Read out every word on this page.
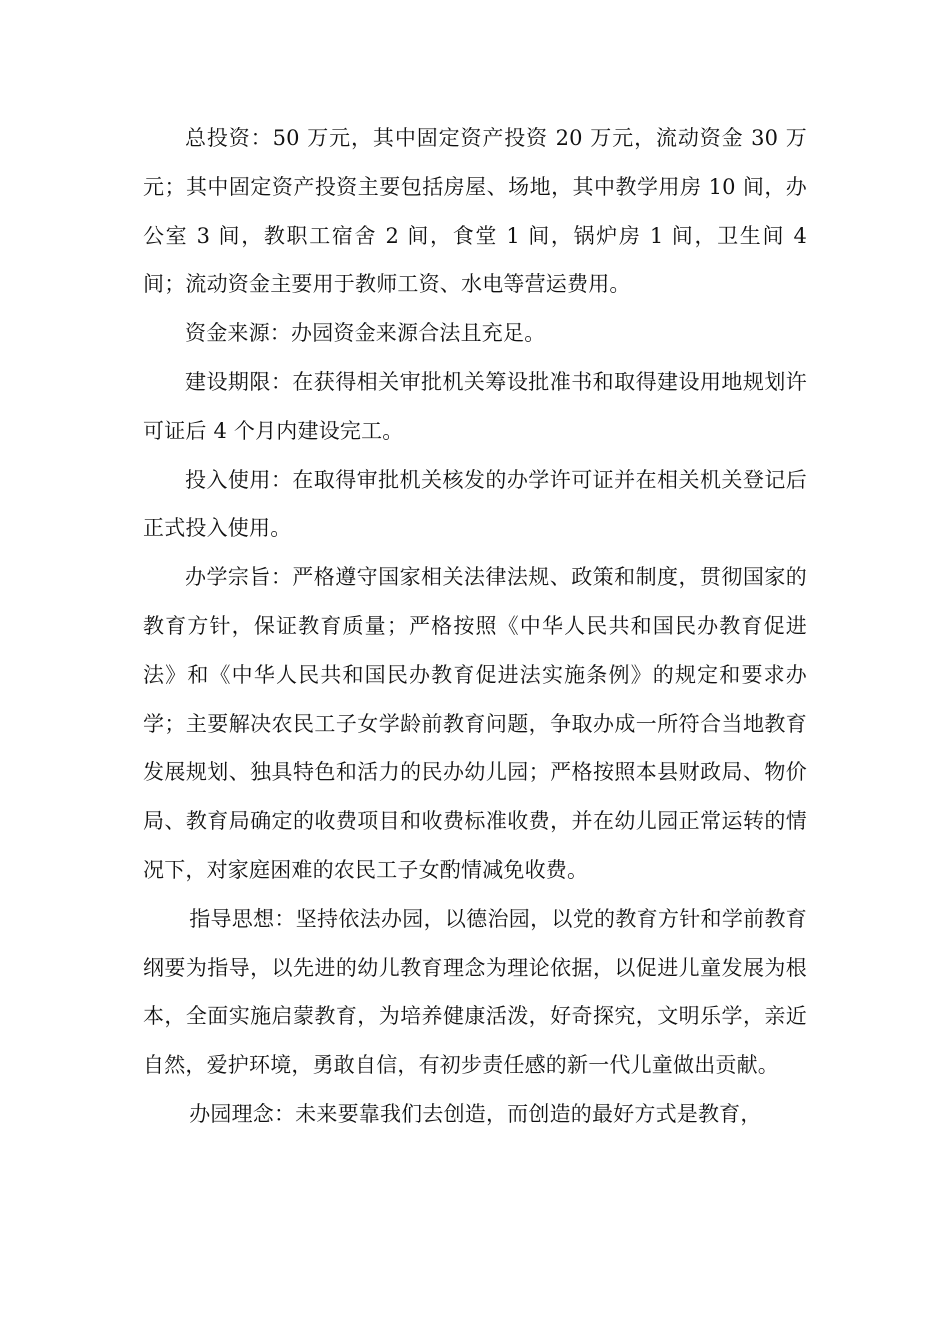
总投资：50 万元，其中固定资产投资 20 万元，流动资金 30 万元；其中固定资产投资主要包括房屋、场地，其中教学用房 10 间，办公室 3 间，教职工宿舍 2 间，食堂 1 间，锅炉房 1 间，卫生间 4 间；流动资金主要用于教师工资、水电等营运费用。

资金来源：办园资金来源合法且充足。

建设期限：在获得相关审批机关筹设批准书和取得建设用地规划许可证后 4 个月内建设完工。

投入使用：在取得审批机关核发的办学许可证并在相关机关登记后正式投入使用。

办学宗旨：严格遵守国家相关法律法规、政策和制度，贯彻国家的教育方针，保证教育质量；严格按照《中华人民共和国民办教育促进法》和《中华人民共和国民办教育促进法实施条例》的规定和要求办学；主要解决农民工子女学龄前教育问题，争取办成一所符合当地教育发展规划、独具特色和活力的民办幼儿园；严格按照本县财政局、物价局、教育局确定的收费项目和收费标准收费，并在幼儿园正常运转的情况下，对家庭困难的农民工子女酌情减免收费。

指导思想：坚持依法办园，以德治园，以党的教育方针和学前教育纲要为指导，以先进的幼儿教育理念为理论依据，以促进儿童发展为根本，全面实施启蒙教育，为培养健康活泼，好奇探究，文明乐学，亲近自然，爱护环境，勇敢自信，有初步责任感的新一代儿童做出贡献。

办园理念：未来要靠我们去创造，而创造的最好方式是教育，
